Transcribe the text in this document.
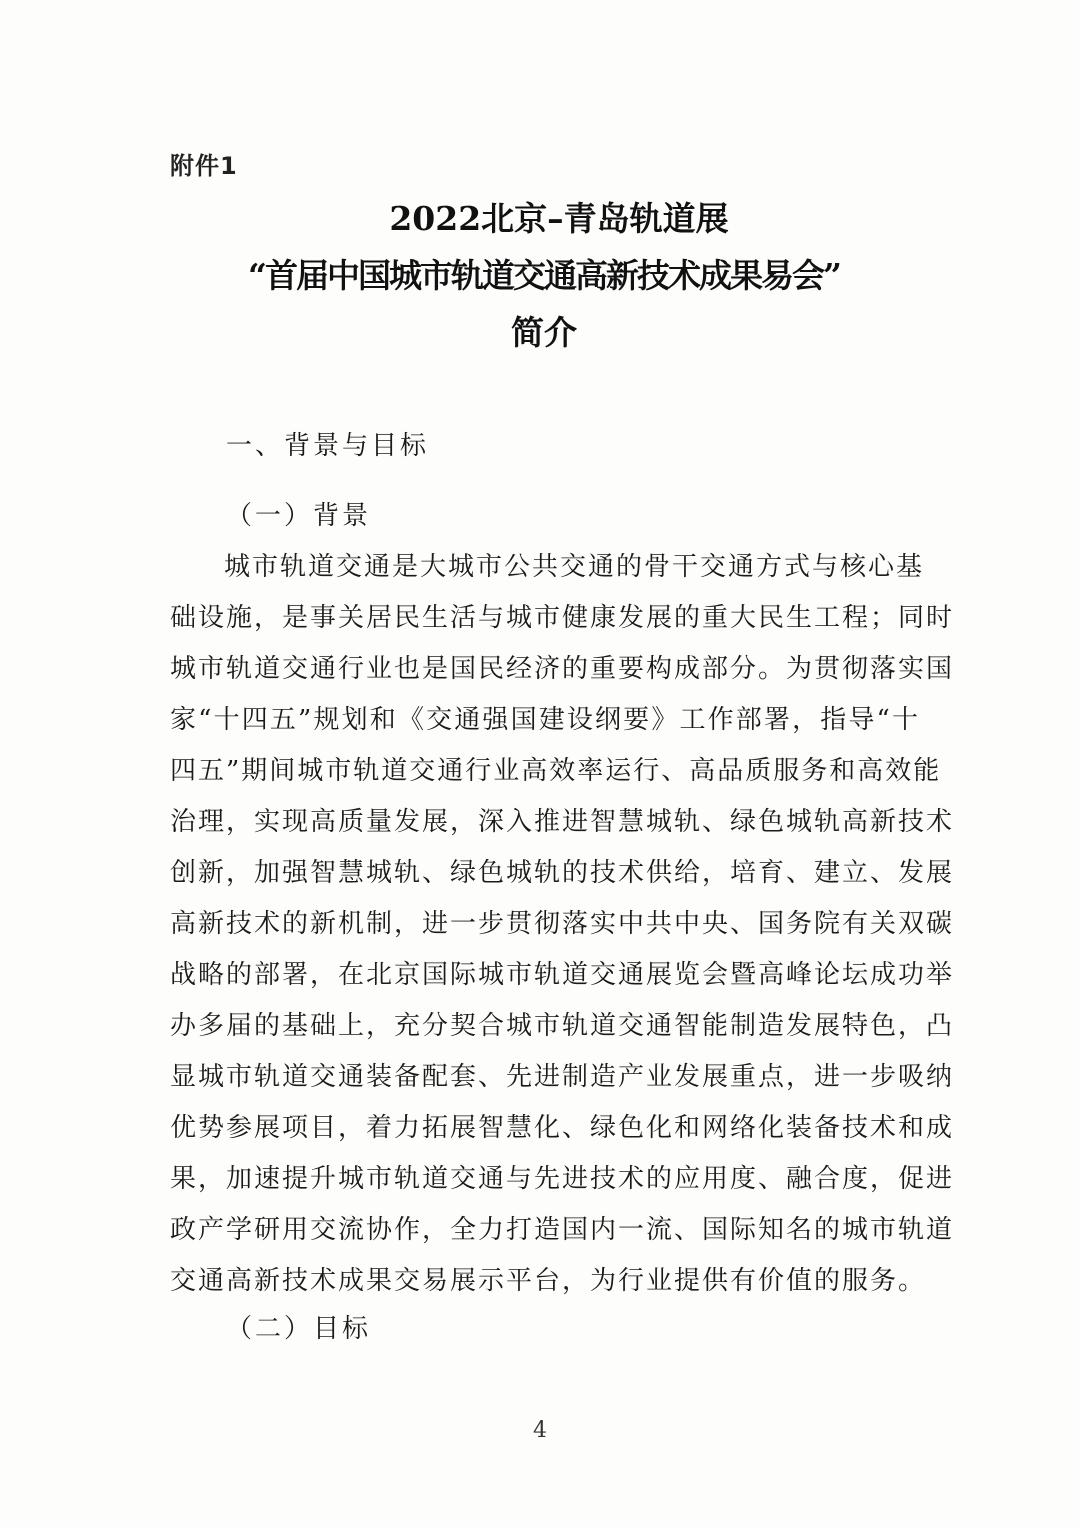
附件1
2022北京–青岛轨道展
“首届中国城市轨道交通高新技术成果易会”
简介
一、背景与目标
（一）背景
城市轨道交通是大城市公共交通的骨干交通方式与核心基
础设施，是事关居民生活与城市健康发展的重大民生工程；同时
城市轨道交通行业也是国民经济的重要构成部分。为贯彻落实国
家“十四五”规划和《交通强国建设纲要》工作部署，指导“十
四五”期间城市轨道交通行业高效率运行、高品质服务和高效能
治理，实现高质量发展，深入推进智慧城轨、绿色城轨高新技术
创新，加强智慧城轨、绿色城轨的技术供给，培育、建立、发展
高新技术的新机制，进一步贯彻落实中共中央、国务院有关双碳
战略的部署，在北京国际城市轨道交通展览会暨高峰论坛成功举
办多届的基础上，充分契合城市轨道交通智能制造发展特色，凸
显城市轨道交通装备配套、先进制造产业发展重点，进一步吸纳
优势参展项目，着力拓展智慧化、绿色化和网络化装备技术和成
果，加速提升城市轨道交通与先进技术的应用度、融合度，促进
政产学研用交流协作，全力打造国内一流、国际知名的城市轨道
交通高新技术成果交易展示平台，为行业提供有价值的服务。
（二）目标
4
